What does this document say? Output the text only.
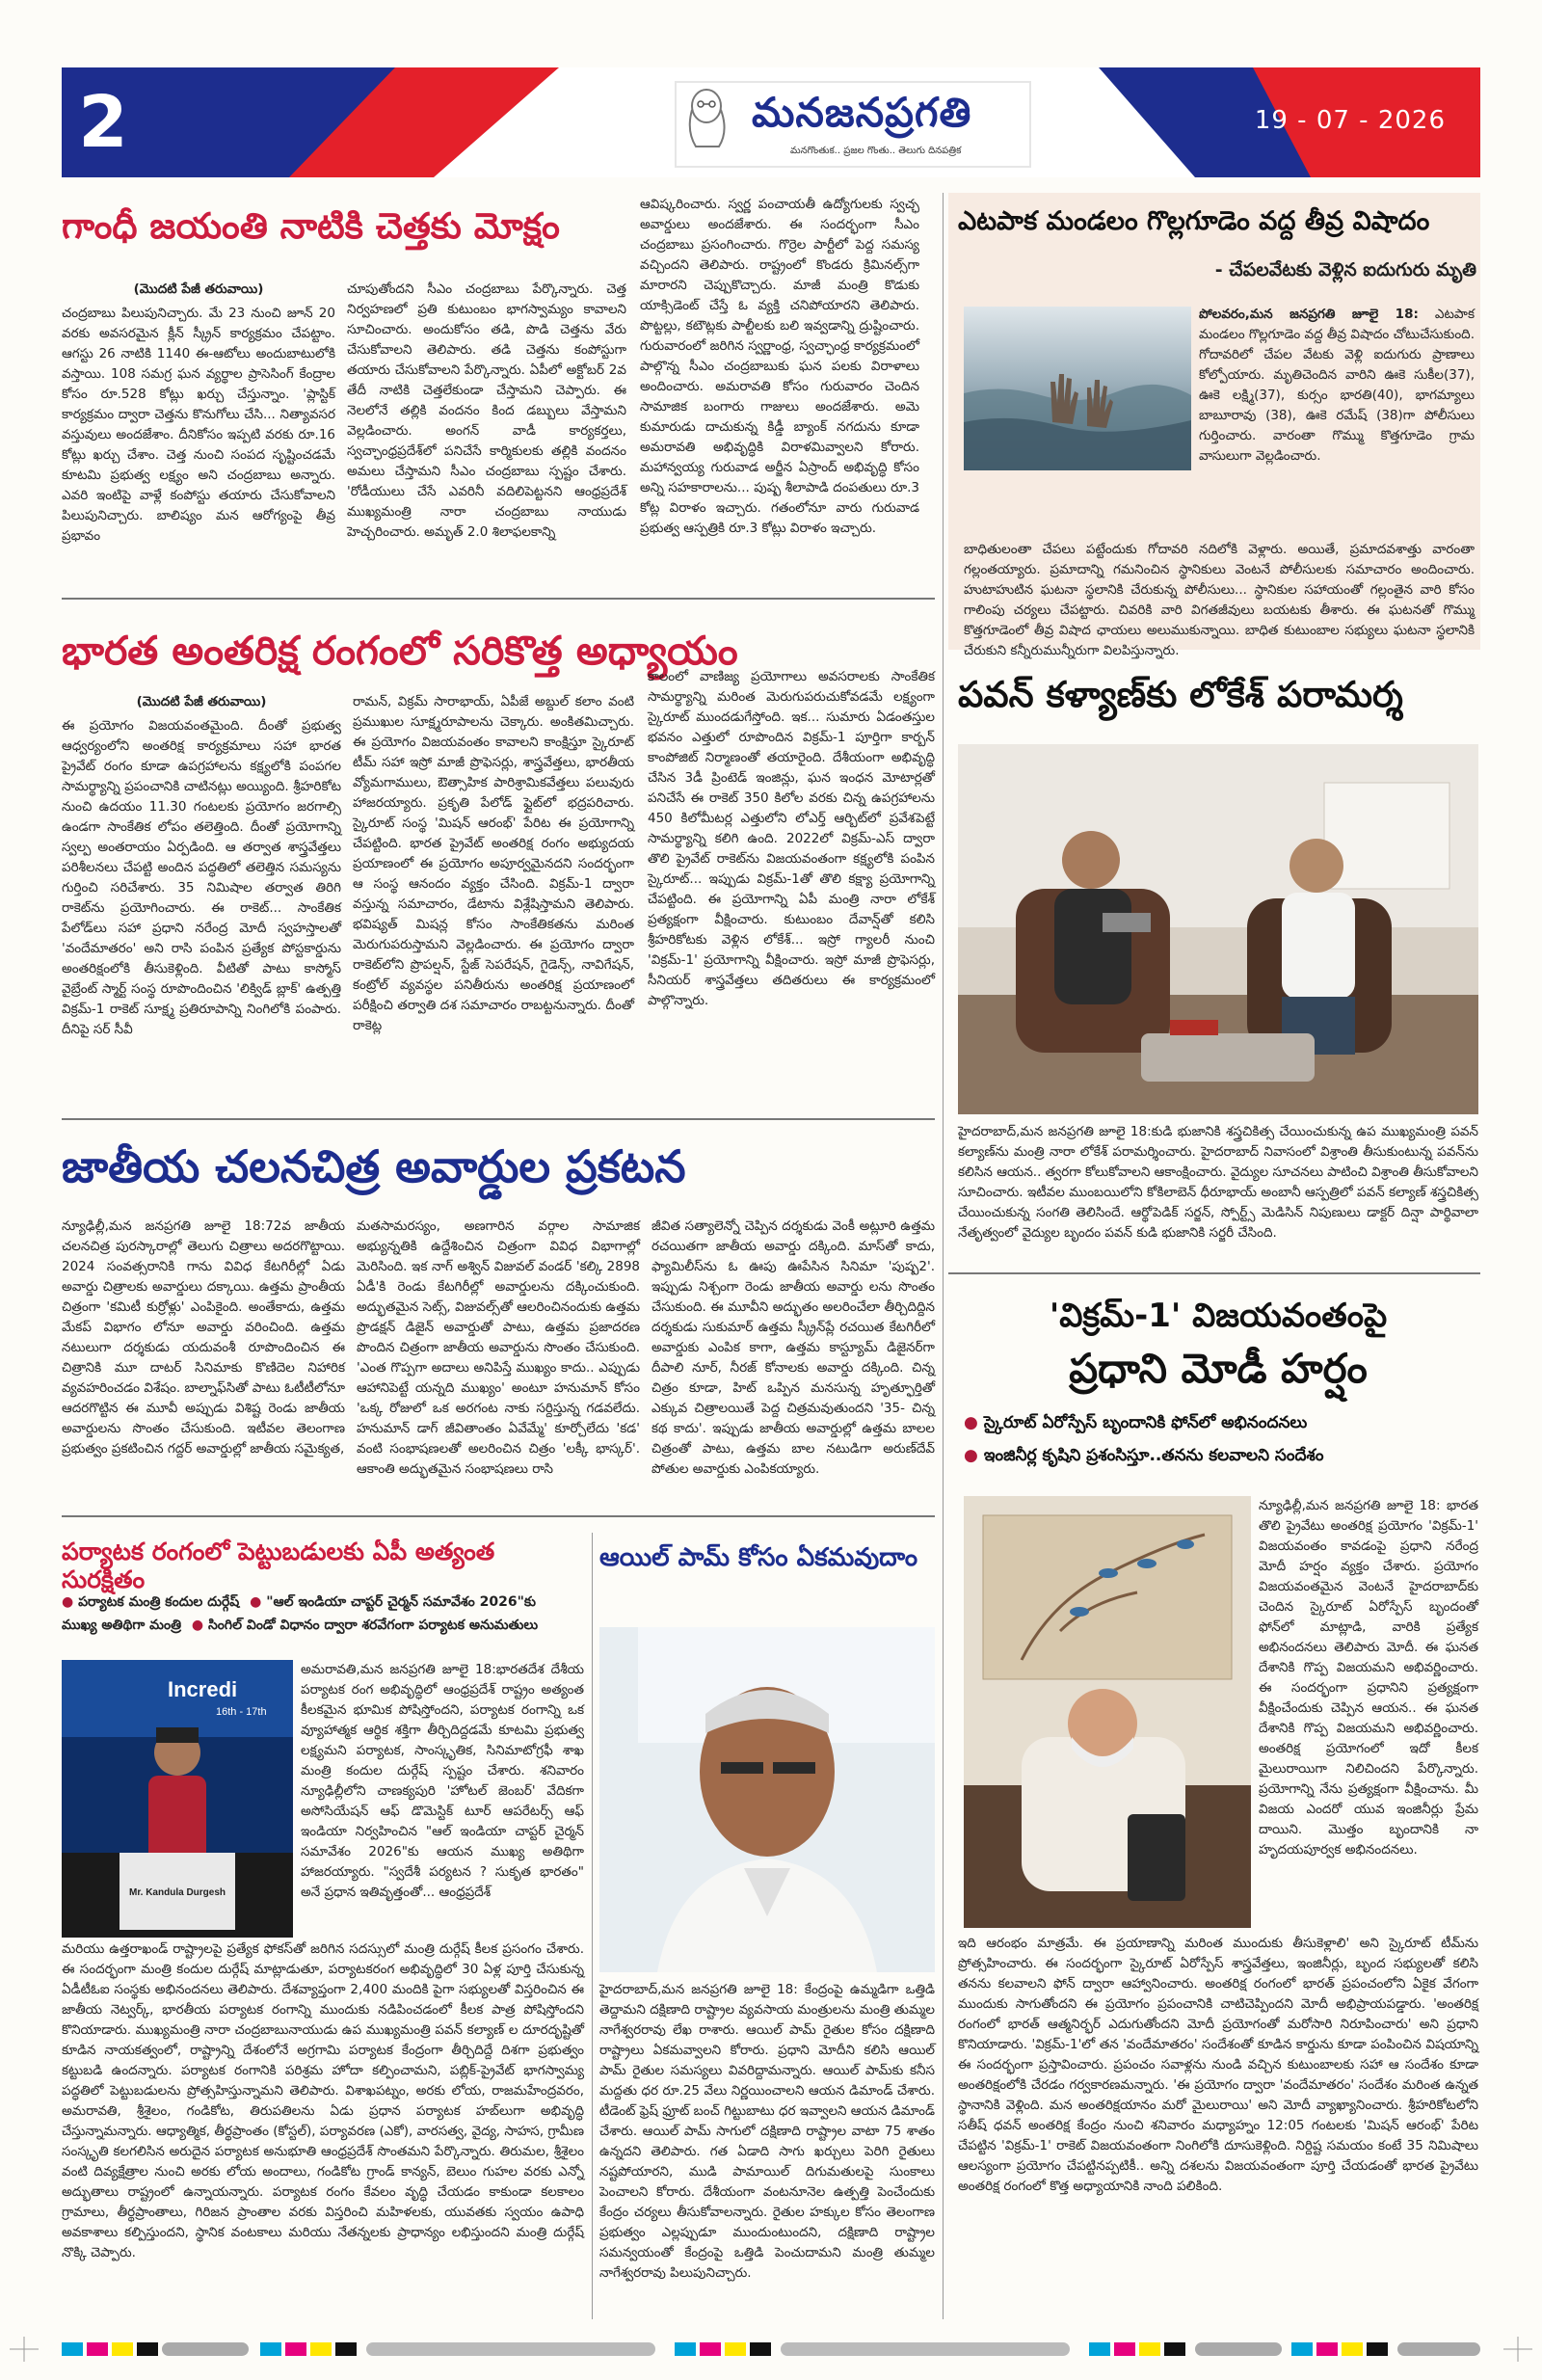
2	మనజనప్రగతి
మనగొంతుక.. ప్రజల గొంతు.. తెలుగు దినపత్రిక
19 - 07 - 2026
గాంధీ జయంతి నాటికి చెత్తకు మోక్షం
(మొదటి పేజీ తరువాయి)
చంద్రబాబు పిలుపునిచ్చారు. మే 23 నుంచి జూన్ 20 వరకు అవసరమైన క్లీన్ స్క్రీన్ కార్యక్రమం చేపట్టాం. ఆగస్టు 26 నాటికి 1140 ఈ-ఆటోలు అందుబాటులోకి వస్తాయి. 108 సమగ్ర ఘన వ్యర్థాల ప్రాసెసింగ్ కేంద్రాల కోసం రూ.528 కోట్లు ఖర్చు చేస్తున్నాం. 'ప్లాస్టిక్ కార్యక్రమం ద్వారా చెత్తను కొనుగోలు చేసి... నిత్యావసర వస్తువులు అందజేశాం. దీనికోసం ఇప్పటి వరకు రూ.16 కోట్లు ఖర్చు చేశాం. చెత్త నుంచి సంపద సృష్టించడమే కూటమి ప్రభుత్వ లక్ష్యం అని చంద్రబాబు అన్నారు. ఎవరి ఇంటిపై వాళ్లే కంపోస్టు తయారు చేసుకోవాలని పిలుపునిచ్చారు. బాలిష్యం మన ఆరోగ్యంపై తీవ్ర ప్రభావం
చూపుతోందని సీఎం చంద్రబాబు పేర్కొన్నారు. చెత్త నిర్వహణలో ప్రతి కుటుంబం భాగస్వామ్యం కావాలని సూచించారు. అందుకోసం తడి, పొడి చెత్తను వేరు చేసుకోవాలని తెలిపారు. తడి చెత్తను కంపోస్టుగా తయారు చేసుకోవాలని పేర్కొన్నారు. ఏపీలో అక్టోబర్ 2వ తేదీ నాటికి చెత్తలేకుండా చేస్తామని చెప్పారు. ఈ నెలలోనే తల్లికి వందనం కింద డబ్బులు వేస్తామని వెల్లడించారు. అంగన్ వాడీ కార్యకర్తలు, స్వచ్ఛాంధ్రప్రదేశ్‌లో పనిచేసే కార్మికులకు తల్లికి వందనం అమలు చేస్తామని సీఎం చంద్రబాబు స్పష్టం చేశారు. 'రోడీయులు చేసే ఎవరినీ వదిలిపెట్టనని ఆంధ్రప్రదేశ్ ముఖ్యమంత్రి నారా చంద్రబాబు నాయుడు హెచ్చరించారు. అమృత్ 2.0 శిలాఫలకాన్ని
ఆవిష్కరించారు. స్వర్ణ పంచాయతీ ఉద్యోగులకు స్వచ్ఛ అవార్డులు అందజేశారు. ఈ సందర్భంగా సీఎం చంద్రబాబు ప్రసంగించారు. గొర్రెల పార్టీలో పెద్ద సమస్య వచ్చిందని తెలిపారు. రాష్ట్రంలో కొండరు క్రిమినల్స్‌గా మారారని చెప్పుకొచ్చారు. మాజీ మంత్రి కొడుకు యాక్సిడెంట్ చేస్తే ఓ వ్యక్తి చనిపోయారని తెలిపారు. పొట్టల్లు, కటౌట్లకు పాల్టీలకు బలి ఇవ్వడాన్ని ద్రుష్టించారు. గురువారంలో జరిగిన స్వర్ణాంధ్ర, స్వచ్ఛాంధ్ర కార్యక్రమంలో పాల్గొన్న సీఎం చంద్రబాబుకు ఘన పలకు విరాళాలు అందించారు. అమరావతి కోసం గురువారం చెందిన సామాజిక బంగారు గాజులు అందజేశారు. అమె కుమారుడు దాచుకున్న కిడ్డీ బ్యాంక్ నగదును కూడా అమరావతి అభివృద్ధికి విరాళమివ్వాలని కోరారు. మహాన్వయ్య గురువాడ అర్జీన ఏస్రాంద్ అభివృద్ధి కోసం అన్ని సహకారాలను... పుష్ప శీలాపాడి దంపతులు రూ.3 కోట్ల విరాళం ఇచ్చారు. గతంలోనూ వారు గురువాడ ప్రభుత్వ ఆస్పత్రికి రూ.3 కోట్లు విరాళం ఇచ్చారు.
ఎటపాక మండలం గొల్లగూడెం వద్ద తీవ్ర విషాదం
- చేపలవేటకు వెళ్లిన ఐదుగురు మృతి
పోలవరం,మన జనప్రగతి జూలై 18: ఎటపాక మండలం గొల్లగూడెం వద్ద తీవ్ర విషాదం చోటుచేసుకుంది. గోదావరిలో చేపల వేటకు వెళ్లి ఐదుగురు ప్రాణాలు కోల్పోయారు. మృతిచెందిన వారిని ఊకె సుకీల(37), ఊకె లక్ష్మి(37), కుర్సం భారతి(40), భాగమ్యాలు బాబూరావు (38), ఊకె రమేష్ (38)గా పోలీసులు గుర్తించారు. వారంతా గొమ్ము కొత్తగూడెం గ్రామ వాసులుగా వెల్లడించారు.
బాధితులంతా చేపలు పట్టేందుకు గోదావరి నదిలోకి వెళ్లారు. అయితే, ప్రమాదవశాత్తు వారంతా గల్లంతయ్యారు. ప్రమాదాన్ని గమనించిన స్థానికులు వెంటనే పోలీసులకు సమాచారం అందించారు. హుటాహుటిన ఘటనా స్థలానికి చేరుకున్న పోలీసులు... స్థానికుల సహాయంతో గల్లంతైన వారి కోసం గాలింపు చర్యలు చేపట్టారు. చివరికి వారి విగతజీవులు బయటకు తీశారు. ఈ ఘటనతో గొమ్ము కొత్తగూడెంలో తీవ్ర విషాద ఛాయలు అలుముకున్నాయి. బాధిత కుటుంబాల సభ్యులు ఘటనా స్థలానికి చేరుకుని కన్నీరుమున్నీరుగా విలపిస్తున్నారు.
భారత అంతరిక్ష రంగంలో సరికొత్త అధ్యాయం
(మొదటి పేజీ తరువాయి)
ఈ ప్రయోగం విజయవంతమైంది. దీంతో ప్రభుత్వ ఆధ్వర్యంలోని అంతరిక్ష కార్యక్రమాలు సహా భారత ప్రైవేట్ రంగం కూడా ఉపగ్రహాలను కక్ష్యలోకి పంపగల సామర్థ్యాన్ని ప్రపంచానికి చాటినట్లు అయ్యింది. శ్రీహరికోట నుంచి ఉదయం 11.30 గంటలకు ప్రయోగం జరగాల్సి ఉండగా సాంకేతిక లోపం తలెత్తింది. దీంతో ప్రయోగాన్ని స్వల్ప అంతరాయం ఏర్పడింది. ఆ తర్వాత శాస్త్రవేత్తలు పరిశీలనలు చేపట్టి అందిన పద్ధతిలో తలెత్తిన సమస్యను గుర్తించి సరిచేశారు. 35 నిమిషాల తర్వాత తిరిగి రాకెట్‌ను ప్రయోగించారు. ఈ రాకెట్... సాంకేతిక పేలోడ్‌లు సహా ప్రధాని నరేంద్ర మోదీ స్వహస్తాలతో 'వందేమాతరం' అని రాసి పంపిన ప్రత్యేక పోస్టకార్డును అంతరిక్షంలోకి తీసుకెళ్లింది. వీటితో పాటు కాస్మోస్ వైబ్రేంట్ స్మార్ట్ సంస్థ రూపొందించిన 'లిక్విడ్ బ్లాక్' ఉత్పత్తి విక్రమ్-1 రాకెట్ సూక్ష్మ ప్రతిరూపాన్ని నింగిలోకి పంపారు. దీనిపై సర్ సీవీ
రామన్, విక్రమ్ సారాభాయ్, ఏపీజే అబ్దుల్ కలాం వంటి ప్రముఖుల సూక్ష్మరూపాలను చెక్కారు. అంకితమిచ్చారు. ఈ ప్రయోగం విజయవంతం కావాలని కాంక్షిస్తూ స్కైరూట్ టీమ్ సహా ఇస్రో మాజీ ప్రొఫెసర్లు, శాస్త్రవేత్తలు, భారతీయ వ్యోమగాములు, ఔత్సాహిక పారిశ్రామికవేత్తలు పలువురు హాజరయ్యారు. ప్రకృతి పేలోడ్ ఫ్లైట్‌లో భద్రపరిచారు. స్కైరూట్ సంస్థ 'మిషన్ ఆరంభ్' పేరిట ఈ ప్రయోగాన్ని చేపట్టింది. భారత ప్రైవేట్ అంతరిక్ష రంగం అభ్యుదయ ప్రయాణంలో ఈ ప్రయోగం అపూర్వమైనదని సందర్భంగా ఆ సంస్థ ఆనందం వ్యక్తం చేసింది. విక్రమ్-1 ద్వారా వస్తున్న సమాచారం, డేటాను విశ్లేషిస్తామని తెలిపారు. భవిష్యత్ మిషన్ల కోసం సాంకేతికతను మరింత మెరుగుపరుస్తామని వెల్లడించారు. ఈ ప్రయోగం ద్వారా రాకెట్‌లోని ప్రొపల్షన్, స్టేజ్ సెపరేషన్, గైడెన్స్, నావిగేషన్, కంట్రోల్ వ్యవస్థల పనితీరును అంతరిక్ష ప్రయాణంలో పరీక్షించి తర్వాతి దశ సమాచారం రాబట్టనున్నారు. దీంతో రాకెట్ల
కాలంలో వాణిజ్య ప్రయోగాలు అవసరాలకు సాంకేతిక సామర్థ్యాన్ని మరింత మెరుగుపరుచుకోవడమే లక్ష్యంగా స్కైరూట్ ముందడుగేస్తోంది. ఇక... సుమారు ఏడంతస్తుల భవనం ఎత్తులో రూపొందిన విక్రమ్-1 పూర్తిగా కార్బన్ కాంపోజిట్ నిర్మాణంతో తయారైంది. దేశీయంగా అభివృద్ధి చేసిన 3డీ ప్రింటెడ్ ఇంజిన్లు, ఘన ఇంధన మోటార్లతో పనిచేసే ఈ రాకెట్ 350 కిలోల వరకు చిన్న ఉపగ్రహాలను 450 కిలోమీటర్ల ఎత్తులోని లోఎర్త్ ఆర్బిట్‌లో ప్రవేశపెట్టే సామర్థ్యాన్ని కలిగి ఉంది. 2022లో విక్రమ్-ఎస్ ద్వారా తొలి ప్రైవేట్ రాకెట్‌ను విజయవంతంగా కక్ష్యలోకి పంపిన స్కైరూట్... ఇప్పుడు విక్రమ్-1తో తొలి కక్ష్యా ప్రయోగాన్ని చేపట్టింది. ఈ ప్రయోగాన్ని ఏపీ మంత్రి నారా లోకేశ్ ప్రత్యక్షంగా వీక్షించారు. కుటుంబం దేవాన్ష్‌తో కలిసి శ్రీహరికోటకు వెళ్లిన లోకేశ్... ఇస్రో గ్యాలరీ నుంచి 'విక్రమ్-1' ప్రయోగాన్ని వీక్షించారు. ఇస్రో మాజీ ప్రొఫెసర్లు, సీనియర్ శాస్త్రవేత్తలు తదితరులు ఈ కార్యక్రమంలో పాల్గొన్నారు.
పవన్ కళ్యాణ్‌కు లోకేశ్ పరామర్శ
హైదరాబాద్,మన జనప్రగతి జూలై 18:కుడి భుజానికి శస్త్రచికిత్స చేయించుకున్న ఉప ముఖ్యమంత్రి పవన్ కల్యాణ్‌ను మంత్రి నారా లోకేశ్ పరామర్శించారు. హైదరాబాద్ నివాసంలో విశ్రాంతి తీసుకుంటున్న పవన్‌ను కలిసిన ఆయన.. త్వరగా కోలుకోవాలని ఆకాంక్షించారు. వైద్యుల సూచనలు పాటించి విశ్రాంతి తీసుకోవాలని సూచించారు. ఇటీవల ముంబయిలోని కోకిలాబెన్ ధీరూభాయ్ అంబానీ ఆస్పత్రిలో పవన్ కల్యాణ్ శస్త్రచికిత్స చేయించుకున్న సంగతి తెలిసిందే. ఆర్థోపెడిక్ సర్జన్, స్పోర్ట్స్ మెడిసిన్ నిపుణులు డాక్టర్ దిన్షా పార్థివాలా నేతృత్వంలో వైద్యుల బృందం పవన్ కుడి భుజానికి సర్జరీ చేసింది.
జాతీయ చలనచిత్ర అవార్డుల ప్రకటన
న్యూఢిల్లీ,మన జనప్రగతి జూలై 18:72వ జాతీయ చలనచిత్ర పురస్కారాల్లో తెలుగు చిత్రాలు అదరగొట్టాయి. 2024 సంవత్సరానికి గాను వివిధ కేటగిరీల్లో ఏడు అవార్డు చిత్రాలకు అవార్డులు దక్కాయి. ఉత్తమ ప్రాంతీయ చిత్రంగా 'కమిటీ కుర్రోళ్లు' ఎంపికైంది. అంతేకాదు, ఉత్తమ మేకప్ విభాగం లోనూ అవార్డు వరించింది. ఉత్తమ నటులుగా దర్శకుడు యదువంశీ రూపొందించిన ఈ చిత్రానికి మూ దాటర్ సినిమాకు కొణిదెల నిహారిక వ్యవహరించడం విశేషం. బాల్నాఫ్‌సితో పాటు ఓటీటీలోనూ ఆదరగొట్టిన ఈ మూవీ అప్పుడు విశిష్ట రెండు జాతీయ అవార్డులను సొంతం చేసుకుంది. ఇటీవల తెలంగాణ ప్రభుత్వం ప్రకటించిన గద్దర్ అవార్డుల్లో జాతీయ సమైక్యత,
మతసామరస్యం, అణగారిన వర్గాల సామాజిక అభ్యున్నతికి ఉద్దేశించిన చిత్రంగా వివిధ విభాగాల్లో మెరిసింది. ఇక నాగ్ అశ్విన్ విజువల్ వండర్ 'కల్కి 2898 ఏడీ'కి రెండు కేటగిరీల్లో అవార్డులను దక్కించుకుంది. అద్భుతమైన సెట్స్, విజువల్స్‌తో ఆలరించినందుకు ఉత్తమ ప్రొడక్షన్ డిజైన్ అవార్డుతో పాటు, ఉత్తమ ప్రజాదరణ పొందిన చిత్రంగా జాతీయ అవార్డును సొంతం చేసుకుంది. 'ఎంత గొప్పగా అదాలు అనిపిస్తే ముఖ్యం కాదు.. ఎప్పుడు ఆహానిపెట్టే యన్నది ముఖ్యం' అంటూ హనుమాన్ కోసం 'ఒక్క రోజులో ఒక అరగంట నాకు సర్దిస్తున్న గడవలేదు. హనుమాన్ డాగ్ జీవితాంతం ఏవేమ్మే' కూర్చోలేదు 'కడ' వంటి సంభాషణలతో అలరించిన చిత్రం 'లక్కీ భాస్కర్'. ఆకాంతి అద్భుతమైన సంభాషణలు రాసి
జీవిత సత్యాలెన్నో చెప్పిన దర్శకుడు వెంకీ అట్లూరి ఉత్తమ రచయితగా జాతీయ అవార్డు దక్కింది. మాస్‌తో కాదు, ఫ్యామిలీస్‌ను ఓ ఊపు ఊపేసిన సినిమా 'పుష్ప2'. ఇప్పుడు నిశ్చంగా రెండు జాతీయ అవార్డు లను సొంతం చేసుకుంది. ఈ మూవీని అద్భుతం అలరించేలా తీర్చిదిద్దిన దర్శకుడు సుకుమార్ ఉత్తమ స్క్రీన్‌ప్లే రచయిత కేటగిరీలో అవార్డుకు ఎంపిక కాగా, ఉత్తమ కాస్ట్యూమ్ డిజైనర్‌గా దీపాలి నూర్, నీరజ్ కోనాలకు అవార్డు దక్కింది. చిన్న చిత్రం కూడా, హిట్ ఒప్పిన మనసున్న హృత్ఫూర్తితో ఎక్కువ చిత్రాలయితే పెద్ద చిత్రమవుతుందని '35- చిన్న కథ కాదు'. ఇప్పుడు జాతీయ అవార్డుల్లో ఉత్తమ బాలల చిత్రంతో పాటు, ఉత్తమ బాల నటుడిగా అరుణ్‌దేవ్ పోతుల అవార్డుకు ఎంపికయ్యారు.
'విక్రమ్-1' విజయవంతంపై
ప్రధాని మోడీ హర్షం
● స్కైరూట్ ఏరోస్పేస్ బృందానికి ఫోన్‌లో అభినందనలు
● ఇంజినీర్ల కృషిని ప్రశంసిస్తూ..తనను కలవాలని సందేశం
న్యూఢిల్లీ,మన జనప్రగతి జూలై 18: భారత తొలి ప్రైవేటు అంతరిక్ష ప్రయోగం 'విక్రమ్-1' విజయవంతం కావడంపై ప్రధాని నరేంద్ర మోదీ హర్షం వ్యక్తం చేశారు. ప్రయోగం విజయవంతమైన వెంటనే హైదరాబాద్‌కు చెందిన స్కైరూట్ ఏరోస్పేస్ బృందంతో ఫోన్‌లో మాట్లాడి, వారికి ప్రత్యేక అభినందనలు తెలిపారు మోదీ. ఈ ఘనత దేశానికి గొప్ప విజయమని అభివర్ణించారు. ఈ సందర్భంగా ప్రధానిని ప్రత్యక్షంగా వీక్షించేందుకు చెప్పిన ఆయన.. ఈ ఘనత దేశానికి గొప్ప విజయమని అభివర్ణించారు. అంతరిక్ష ప్రయోగంలో ఇదో కీలక మైలురాయిగా నిలిచిందని పేర్కొన్నారు. ప్రయోగాన్ని నేను ప్రత్యక్షంగా వీక్షించాను. మీ విజయ ఎందరో యువ ఇంజినీర్లు ప్రేమ దాయిని. మొత్తం బృందానికి నా హృదయపూర్వక అభినందనలు.
ఇది ఆరంభం మాత్రమే. ఈ ప్రయాణాన్ని మరింత ముందుకు తీసుకెళ్లాలి' అని స్కైరూట్ టీమ్‌ను ప్రోత్సహించారు. ఈ సందర్భంగా స్కైరూట్ ఏరోస్పేస్ శాస్త్రవేత్తలు, ఇంజినీర్లు, బృంద సభ్యులతో కలిసి తనను కలవాలని ఫోన్ ద్వారా ఆహ్వానించారు. అంతరిక్ష రంగంలో భారత్ ప్రపంచంలోని ఏకైక వేగంగా ముందుకు సాగుతోందని ఈ ప్రయోగం ప్రపంచానికి చాటిచెప్పిందని మోదీ అభిప్రాయపడ్డారు. 'అంతరిక్ష రంగంలో భారత్ ఆత్మనిర్భర్ ఎదుగుతోందని మోదీ ప్రయోగంతో మరోసారి నిరూపించారు' అని ప్రధాని కొనియాడారు. 'విక్రమ్-1'లో తన 'వందేమాతరం' సందేశంతో కూడిన కార్డును కూడా పంపించిన విషయాన్ని ఈ సందర్భంగా ప్రస్తావించారు. ప్రపంచం సవాళ్లను నుండి వచ్చిన కుటుంబాలకు సహా ఆ సందేశం కూడా అంతరిక్షంలోకి చేరడం గర్వకారణమన్నారు. 'ఈ ప్రయోగం ద్వారా 'వందేమాతరం' సందేశం మరింత ఉన్నత స్థానానికి వెళ్లింది. మన అంతరిక్షయానం మరో మైలురాయి' అని మోదీ వ్యాఖ్యానించారు. శ్రీహరికోటలోని సతీష్ ధవన్ అంతరిక్ష కేంద్రం నుంచి శనివారం మధ్యాహ్నం 12:05 గంటలకు 'మిషన్ ఆరంభ్' పేరిట చేపట్టిన 'విక్రమ్-1' రాకెట్ విజయవంతంగా నింగిలోకి దూసుకెళ్లింది. నిర్దిష్ట సమయం కంటే 35 నిమిషాలు ఆలస్యంగా ప్రయోగం చేపట్టినప్పటికీ.. అన్ని దశలను విజయవంతంగా పూర్తి చేయడంతో భారత ప్రైవేటు అంతరిక్ష రంగంలో కొత్త అధ్యాయానికి నాంది పలికింది.
పర్యాటక రంగంలో పెట్టుబడులకు ఏపీ అత్యంత సురక్షితం
● పర్యాటక మంత్రి కందుల దుర్గేష్ ● "ఆల్ ఇండియా చాప్టర్ చైర్మన్ సమావేశం 2026"కు
ముఖ్య అతిథిగా మంత్రి ● సింగిల్ విండో విధానం ద్వారా శరవేగంగా పర్యాటక అనుమతులు
Incredi
16th - 17th
Mr. Kandula Durgesh
అమరావతి,మన జనప్రగతి జూలై 18:భారతదేశ దేశీయ పర్యాటక రంగ అభివృద్ధిలో ఆంధ్రప్రదేశ్ రాష్ట్రం అత్యంత కీలకమైన భూమిక పోషిస్తోందని, పర్యాటక రంగాన్ని ఒక వ్యూహాత్మక ఆర్థిక శక్తిగా తీర్చిదిద్దడమే కూటమి ప్రభుత్వ లక్ష్యమని పర్యాటక, సాంస్కృతిక, సినిమాటోగ్రఫీ శాఖ మంత్రి కందుల దుర్గేష్ స్పష్టం చేశారు. శనివారం న్యూఢిల్లీలోని చాణక్యపురి 'హోటల్ జెంబర్' వేదికగా అసోసియేషన్ ఆఫ్ డొమెస్టిక్ టూర్ ఆపరేటర్స్ ఆఫ్ ఇండియా నిర్వహించిన "ఆల్ ఇండియా చాప్టర్ చైర్మన్ సమావేశం 2026"కు ఆయన ముఖ్య అతిథిగా హాజరయ్యారు. "స్వదేశీ పర్యటన ? సుకృత భారతం" అనే ప్రధాన ఇతివృత్తంతో... ఆంధ్రప్రదేశ్
మరియు ఉత్తరాఖండ్ రాష్ట్రాలపై ప్రత్యేక ఫోకస్‌తో జరిగిన సదస్సులో మంత్రి దుర్గేష్ కీలక ప్రసంగం చేశారు. ఈ సందర్భంగా మంత్రి కందుల దుర్గేష్ మాట్లాడుతూ, పర్యాటకరంగ అభివృద్ధిలో 30 ఏళ్ల పూర్తి చేసుకున్న ఏడీటీఓఐ సంస్థకు అభినందనలు తెలిపారు. దేశవ్యాప్తంగా 2,400 మందికి పైగా సభ్యులతో విస్తరించిన ఈ జాతీయ నెట్వర్క్, భారతీయ పర్యాటక రంగాన్ని ముందుకు నడిపించడంలో కీలక పాత్ర పోషిస్తోందని కొనియాడారు. ముఖ్యమంత్రి నారా చంద్రబాబునాయుడు ఉప ముఖ్యమంత్రి పవన్ కల్యాణ్ ల దూరదృష్టితో కూడిన నాయకత్వంలో, రాష్ట్రాన్ని దేశంలోనే అగ్రగామి పర్యాటక కేంద్రంగా తీర్చిదిద్దే దిశగా ప్రభుత్వం కట్టుబడి ఉందన్నారు. పర్యాటక రంగానికి పరిశ్రమ హోదా కల్పించామని, పబ్లిక్-ప్రైవేట్ భాగస్వామ్య పద్ధతిలో పెట్టుబడులను ప్రోత్సహిస్తున్నామని తెలిపారు. విశాఖపట్నం, అరకు లోయ, రాజమహేంద్రవరం, అమరావతి, శ్రీశైలం, గండికోట, తిరుపతిలను ఏడు ప్రధాన పర్యాటక హబ్‌లుగా అభివృద్ధి చేస్తున్నామన్నారు. ఆధ్యాత్మిక, తీర్థప్రాంతం (కోస్టల్), పర్యావరణ (ఎకో), వారసత్వ, వైద్య, సాహస, గ్రామీణ సంస్కృతి కలగలిసిన అరుదైన పర్యాటక అనుభూతి ఆంధ్రప్రదేశ్ సొంతమని పేర్కొన్నారు. తిరుమల, శ్రీశైలం వంటి దివ్యక్షేత్రాల నుంచి అరకు లోయ అందాలు, గండికోట గ్రాండ్ కాన్యన్, బెలుం గుహల వరకు ఎన్నో అద్భుతాలు రాష్ట్రంలో ఉన్నాయన్నారు. పర్యాటక రంగం కేవలం వృద్ధి చేయడం కాకుండా కలకాలం గ్రామాలు, తీర్థప్రాంతాలు, గిరిజన ప్రాంతాల వరకు విస్తరించి మహిళలకు, యువతకు స్వయం ఉపాధి అవకాశాలు కల్పిస్తుందని, స్థానిక వంటకాలు మరియు నేతన్నలకు ప్రాధాన్యం లభిస్తుందని మంత్రి దుర్గేష్ నొక్కి చెప్పారు.
ఆయిల్ పామ్ కోసం ఏకమవుదాం
హైదరాబాద్,మన జనప్రగతి జూలై 18: కేంద్రంపై ఉమ్మడిగా ఒత్తిడి తెద్దామని దక్షిణాది రాష్ట్రాల వ్యవసాయ మంత్రులను మంత్రి తుమ్మల నాగేశ్వరరావు లేఖ రాశారు. ఆయిల్ పామ్ రైతుల కోసం దక్షిణాది రాష్ట్రాలు ఏకమవ్వాలని కోరారు. ప్రధాని మోదీని కలిసి ఆయిల్ పామ్ రైతుల సమస్యలు వివరిద్దామన్నారు. ఆయిల్ పామ్‌కు కనీస మద్దతు ధర రూ.25 వేలు నిర్ణయించాలని ఆయన డిమాండ్ చేశారు. టీడెంట్ ఫ్రెష్ ఫ్రూట్ బంచ్ గిట్టుబాటు ధర ఇవ్వాలని ఆయన డిమాండ్ చేశారు. ఆయిల్ పామ్ సాగులో దక్షిణాది రాష్ట్రాల వాటా 75 శాతం ఉన్నదని తెలిపారు. గత ఏడాది సాగు ఖర్చులు పెరిగి రైతులు నష్టపోయారని, ముడి పామాయిల్ దిగుమతులపై సుంకాలు పెంచాలని కోరారు. దేశీయంగా వంటనూనెల ఉత్పత్తి పెంచేందుకు కేంద్రం చర్యలు తీసుకోవాలన్నారు. రైతుల హక్కుల కోసం తెలంగాణ ప్రభుత్వం ఎల్లప్పుడూ ముందుంటుందని, దక్షిణాది రాష్ట్రాల సమన్వయంతో కేంద్రంపై ఒత్తిడి పెంచుదామని మంత్రి తుమ్మల నాగేశ్వరరావు పిలుపునిచ్చారు.
